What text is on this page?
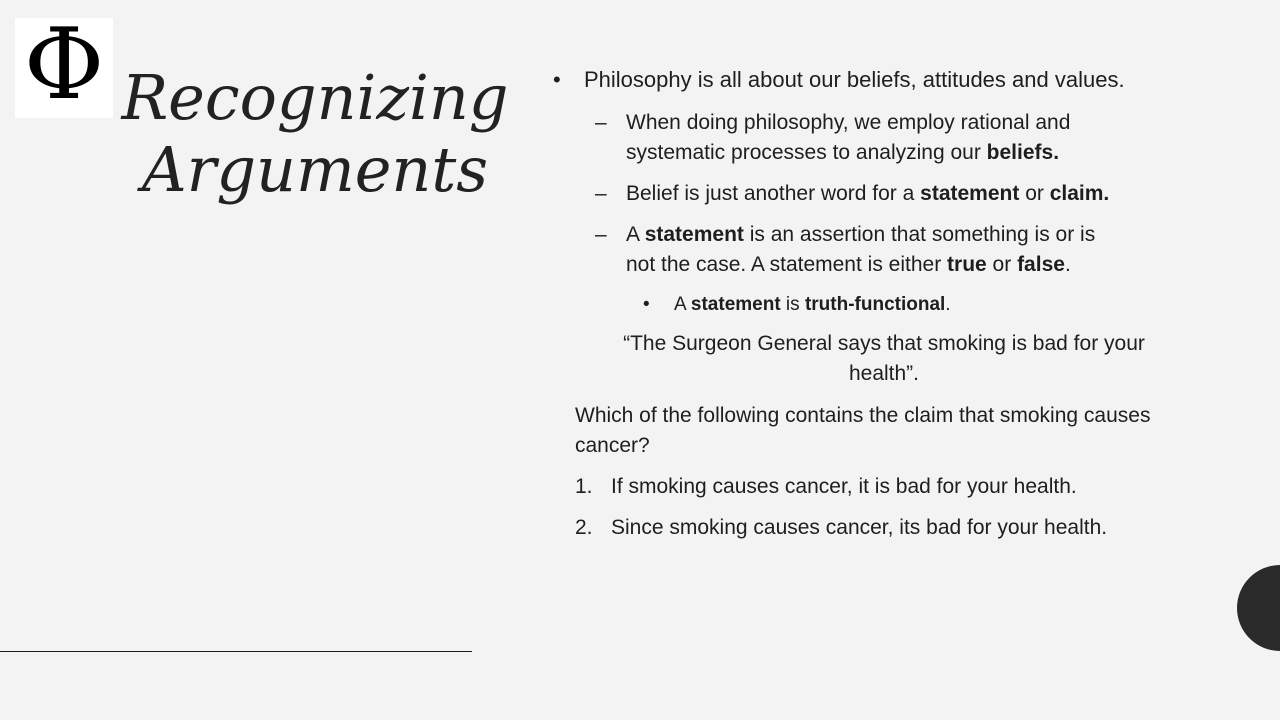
Φ Recognizing
Arguments
• Philosophy is all about our beliefs, attitudes and values.
– When doing philosophy, we employ rational and systematic processes to analyzing our beliefs.
– Belief is just another word for a statement or claim.
– A statement is an assertion that something is or is not the case. A statement is either true or false.
• A statement is truth-functional.
“The Surgeon General says that smoking is bad for your health”.
Which of the following contains the claim that smoking causes cancer?
1. If smoking causes cancer, it is bad for your health.
2. Since smoking causes cancer, its bad for your health.
